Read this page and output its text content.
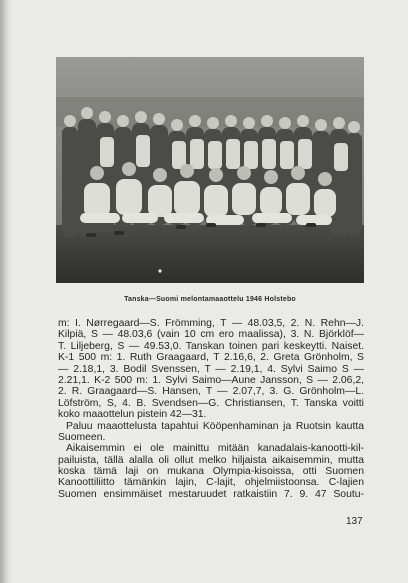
Tanska—Suomi melontamaaottelu 1946 Holstebo
m: I. Nørregaard—S. Frömming, T — 48.03,5, 2. N. Rehn—J.
Kilpiä, S — 48.03,6 (vain 10 cm ero maalissa), 3. N. Björklöf—
T. Liljeberg, S — 49.53,0. Tanskan toinen pari keskeytti. Naiset.
K-1 500 m: 1. Ruth Graagaard, T 2.16,6, 2. Greta Grönholm, S
— 2.18,1, 3. Bodil Svenssen, T — 2.19,1, 4. Sylvi Saimo S —
2.21,1. K-2 500 m: 1. Sylvi Saimo—Aune Jansson, S — 2.06,2,
2. R. Graagaard—S. Hansen, T — 2.07,7, 3. G. Grönholm—L.
Löfström, S, 4. B. Svendsen—G. Christiansen, T. Tanska voitti
koko maaottelun pistein 42—31.
Paluu maaottelusta tapahtui Kööpenhaminan ja Ruotsin kautta
Suomeen.
Aikaisemmin ei ole mainittu mitään kanadalais-kanootti-kil-
pailuista, tällä alalla oli ollut melko hiljaista aikaisemmin, mutta
koska tämä laji on mukana Olympia-kisoissa, otti Suomen
Kanoottiliitto tämänkin lajin, C-lajit, ohjelmiistoonsa. C-lajien
Suomen ensimmäiset mestaruudet ratkaistiin 7. 9. 47 Soutu-
137
